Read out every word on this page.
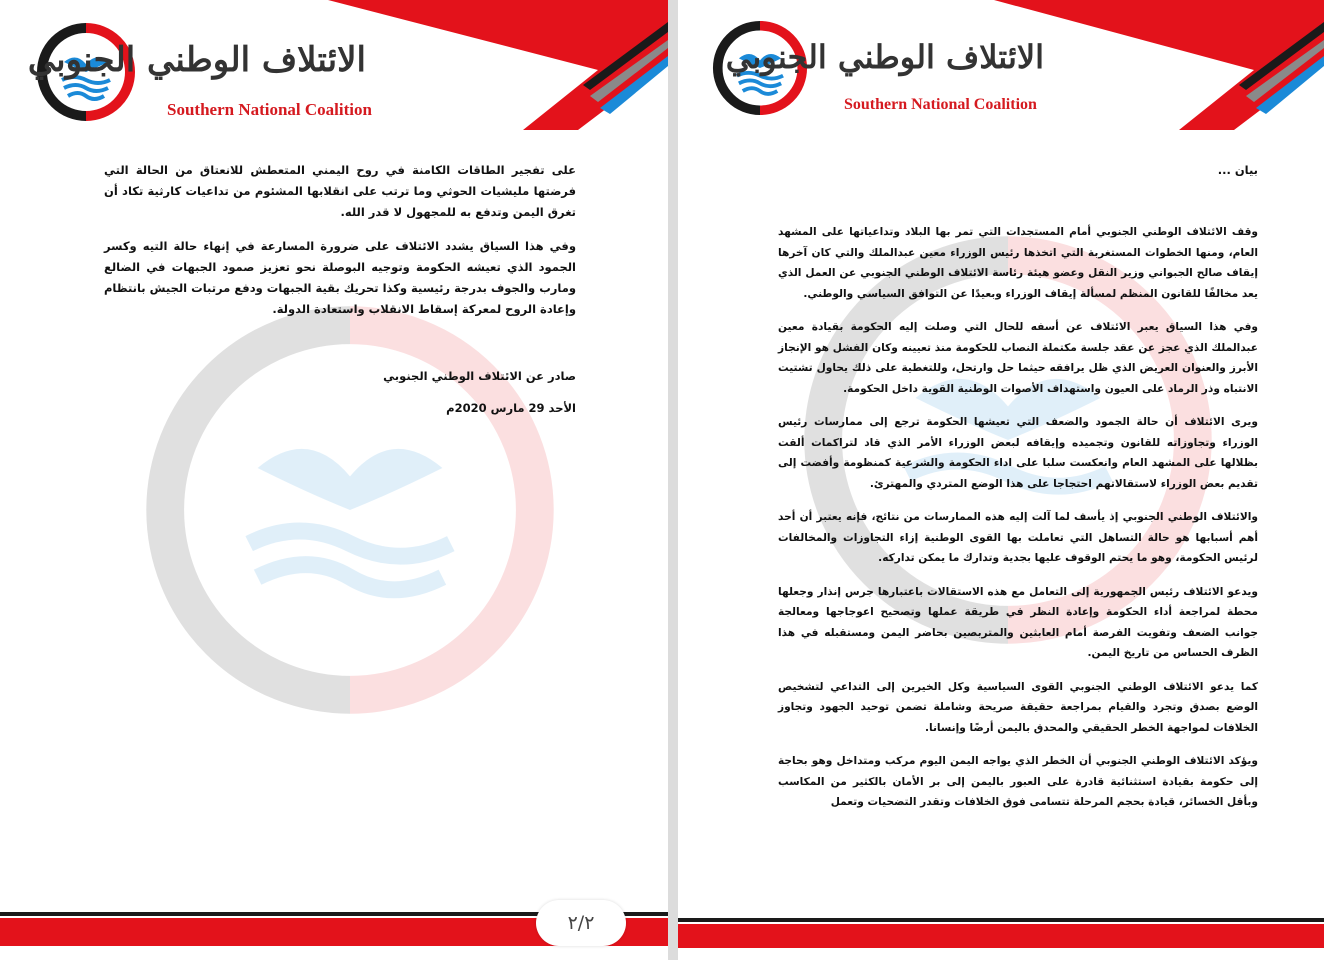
الائتلاف الوطني الجنوبي
Southern National Coalition

على تفجير الطاقات الكامنة في روح اليمني المتعطش للانعتاق من الحالة التي فرضتها مليشيات الحوثي وما ترتب على انقلابها المشئوم من تداعيات كارثية تكاد أن تغرق اليمن وتدفع به للمجهول لا قدر الله.

وفي هذا السياق يشدد الائتلاف على ضرورة المسارعة في إنهاء حالة التيه وكسر الجمود الذي تعيشه الحكومة وتوجيه البوصلة نحو تعزيز صمود الجبهات في الضالع ومارب والجوف بدرجة رئيسية وكذا تحريك بقية الجبهات ودفع مرتبات الجيش بانتظام وإعادة الروح لمعركة إسقاط الانقلاب واستعادة الدولة.

صادر عن الائتلاف الوطني الجنوبي
الأحد 29 مارس 2020م
٢/٢
الائتلاف الوطني الجنوبي
Southern National Coalition
بيان ...

وقف الائتلاف الوطني الجنوبي أمام المستجدات التي تمر بها البلاد وتداعياتها على المشهد العام، ومنها الخطوات المستغربة التي اتخذها رئيس الوزراء معين عبدالملك والتي كان آخرها إيقاف صالح الجبواني وزير النقل وعضو هيئة رئاسة الائتلاف الوطني الجنوبي عن العمل الذي يعد مخالفًا للقانون المنظم لمسألة إيقاف الوزراء وبعيدًا عن التوافق السياسي والوطني.

وفي هذا السياق يعبر الائتلاف عن أسفه للحال التي وصلت إليه الحكومة بقيادة معين عبدالملك الذي عجز عن عقد جلسة مكتملة النصاب للحكومة منذ تعيينه وكان الفشل هو الإنجاز الأبرز والعنوان العريض الذي ظل يرافقه حيثما حل وارتحل، وللتغطية على ذلك يحاول تشتيت الانتباه وذر الرماد على العيون واستهداف الأصوات الوطنية القوية داخل الحكومة.

ويرى الائتلاف أن حالة الجمود والضعف التي تعيشها الحكومة ترجع إلى ممارسات رئيس الوزراء وتجاوزاته للقانون وتجميده وإيقافه لبعض الوزراء الأمر الذي قاد لتراكمات ألقت بظلالها على المشهد العام وانعكست سلبا على اداء الحكومة والشرعية كمنظومة وأفضت إلى تقديم بعض الوزراء لاستقالاتهم احتجاجا على هذا الوضع المتردي والمهترئ.

والائتلاف الوطني الجنوبي إذ يأسف لما آلت إليه هذه الممارسات من نتائج، فإنه يعتبر أن أحد أهم أسبابها هو حالة التساهل التي تعاملت بها القوى الوطنية إزاء التجاوزات والمخالفات لرئيس الحكومة، وهو ما يحتم الوقوف عليها بجدية وتدارك ما يمكن تداركه.

ويدعو الائتلاف رئيس الجمهورية إلى التعامل مع هذه الاستقالات باعتبارها جرس إنذار وجعلها محطة لمراجعة أداء الحكومة وإعادة النظر في طريقة عملها وتصحيح اعوجاجها ومعالجة جوانب الضعف وتفويت الفرصة أمام العابثين والمتربصين بحاضر اليمن ومستقبله في هذا الظرف الحساس من تاريخ اليمن.

كما يدعو الائتلاف الوطني الجنوبي القوى السياسية وكل الخيرين إلى التداعي لتشخيص الوضع بصدق وتجرد والقيام بمراجعة حقيقة صريحة وشاملة تضمن توحيد الجهود وتجاوز الخلافات لمواجهة الخطر الحقيقي والمحدق باليمن أرضًا وإنسانا.

ويؤكد الائتلاف الوطني الجنوبي أن الخطر الذي يواجه اليمن اليوم مركب ومتداخل وهو بحاجة إلى حكومة بقيادة استثنائية قادرة على العبور باليمن إلى بر الأمان بالكثير من المكاسب وبأقل الخسائر، قيادة بحجم المرحلة تتسامى فوق الخلافات وتقدر التضحيات وتعمل
